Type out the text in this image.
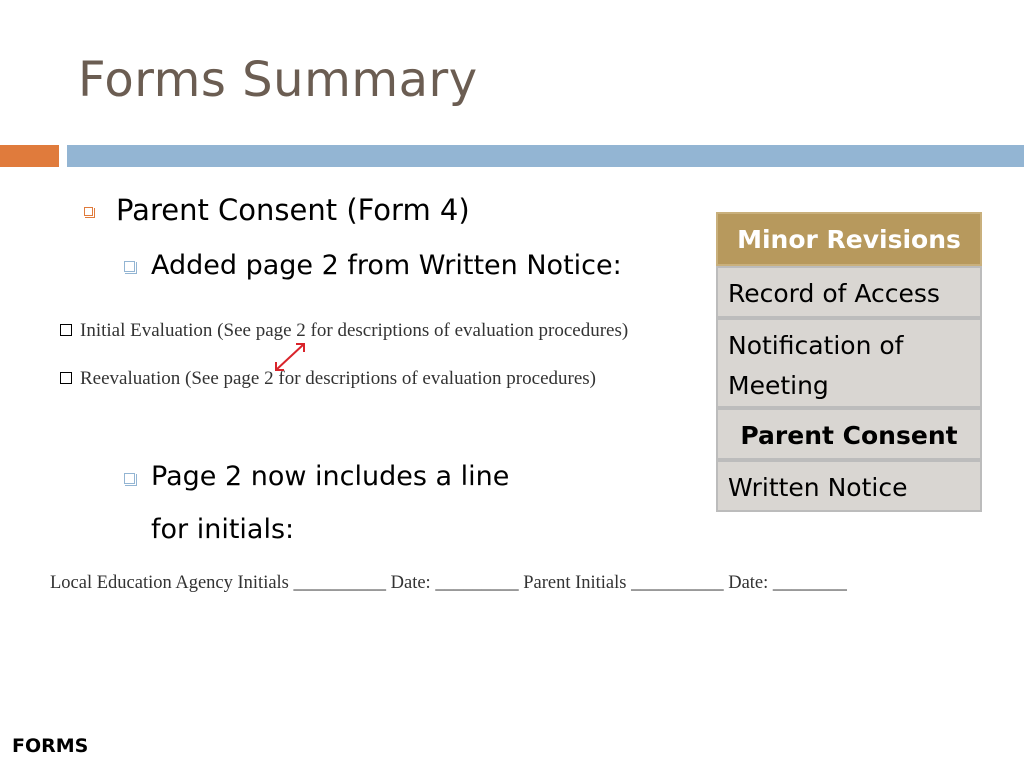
Forms Summary
Parent Consent (Form 4)
Added page 2 from Written Notice:
Initial Evaluation (See page 2 for descriptions of evaluation procedures)
Reevaluation (See page 2 for descriptions of evaluation procedures)
Page 2 now includes a line
for initials:
Local Education Agency Initials __________ Date: _________ Parent Initials __________ Date: ________
Minor Revisions
Record of Access
Notification of Meeting
Parent Consent
Written Notice
FORMS
